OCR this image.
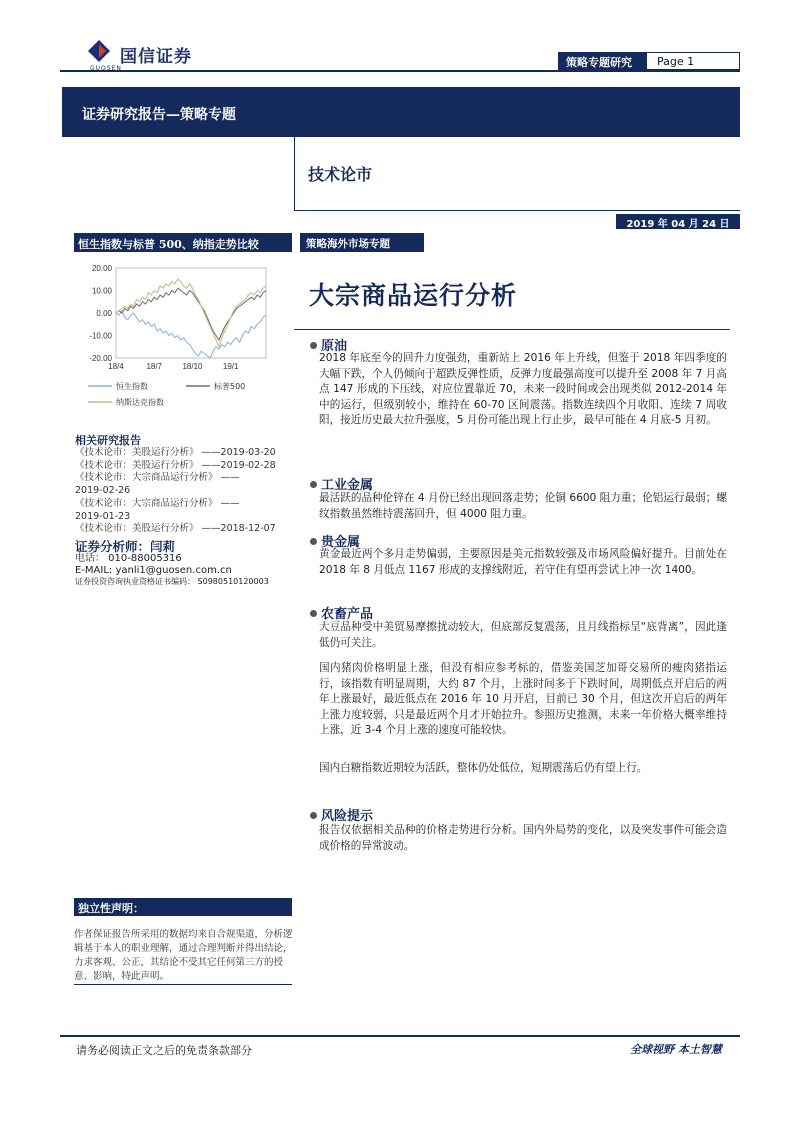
国信证券
GUOSEN	策略专题研究	Page 1
证券研究报告—策略专题
技术论市
2019 年 04 月 24 日
恒生指数与标普 500、纳指走势比较
20.00
10.00
0.00
-10.00
-20.00
18/4	18/7	18/10	19/1
恒生指数	标普500
纳斯达克指数
相关研究报告
《技术论市：美股运行分析》 ——2019-03-20
《技术论市：美股运行分析》 ——2019-02-28
《技术论市：大宗商品运行分析》 ——
2019-02-26
《技术论市：大宗商品运行分析》 ——
2019-01-23
《技术论市：美股运行分析》 ——2018-12-07
证券分析师：闫莉
电话： 010-88005316
E-MAIL: yanli1@guosen.com.cn
证券投资咨询执业资格证书编码： S0980510120003
独立性声明：
作者保证报告所采用的数据均来自合规渠道，分析逻辑基于本人的职业理解，通过合理判断并得出结论，力求客观、公正，其结论不受其它任何第三方的授意、影响，特此声明。
策略海外市场专题
大宗商品运行分析
原油
2018 年底至今的回升力度强劲，重新站上 2016 年上升线，但鉴于 2018 年四季度的大幅下跌，个人仍倾向于超跌反弹性质，反弹力度最强高度可以提升至 2008 年 7 月高点 147 形成的下压线，对应位置靠近 70，未来一段时间或会出现类似 2012-2014 年中的运行，但级别较小，维持在 60-70 区间震荡。指数连续四个月收阳、连续 7 周收阳，接近历史最大拉升强度，5 月份可能出现上行止步，最早可能在 4 月底-5 月初。
工业金属
最活跃的品种伦锌在 4 月份已经出现回落走势；伦铜 6600 阻力重；伦铝运行最弱；螺纹指数虽然维持震荡回升，但 4000 阻力重。
贵金属
黄金最近两个多月走势偏弱，主要原因是美元指数较强及市场风险偏好提升。目前处在 2018 年 8 月低点 1167 形成的支撑线附近，若守住有望再尝试上冲一次 1400。
农畜产品
大豆品种受中美贸易摩擦扰动较大，但底部反复震荡，且月线指标呈“底背离”，因此逢低仍可关注。
国内猪肉价格明显上涨，但没有相应参考标的，借鉴美国芝加哥交易所的瘦肉猪指运行，该指数有明显周期，大约 87 个月，上涨时间多于下跌时间，周期低点开启后的两年上涨最好，最近低点在 2016 年 10 月开启，目前已 30 个月，但这次开启后的两年上涨力度较弱，只是最近两个月才开始拉升。参照历史推测，未来一年价格大概率维持上涨，近 3-4 个月上涨的速度可能较快。
国内白糖指数近期较为活跃，整体仍处低位，短期震荡后仍有望上行。
风险提示
报告仅依据相关品种的价格走势进行分析。国内外局势的变化，以及突发事件可能会造成价格的异常波动。
请务必阅读正文之后的免责条款部分	全球视野 本土智慧
